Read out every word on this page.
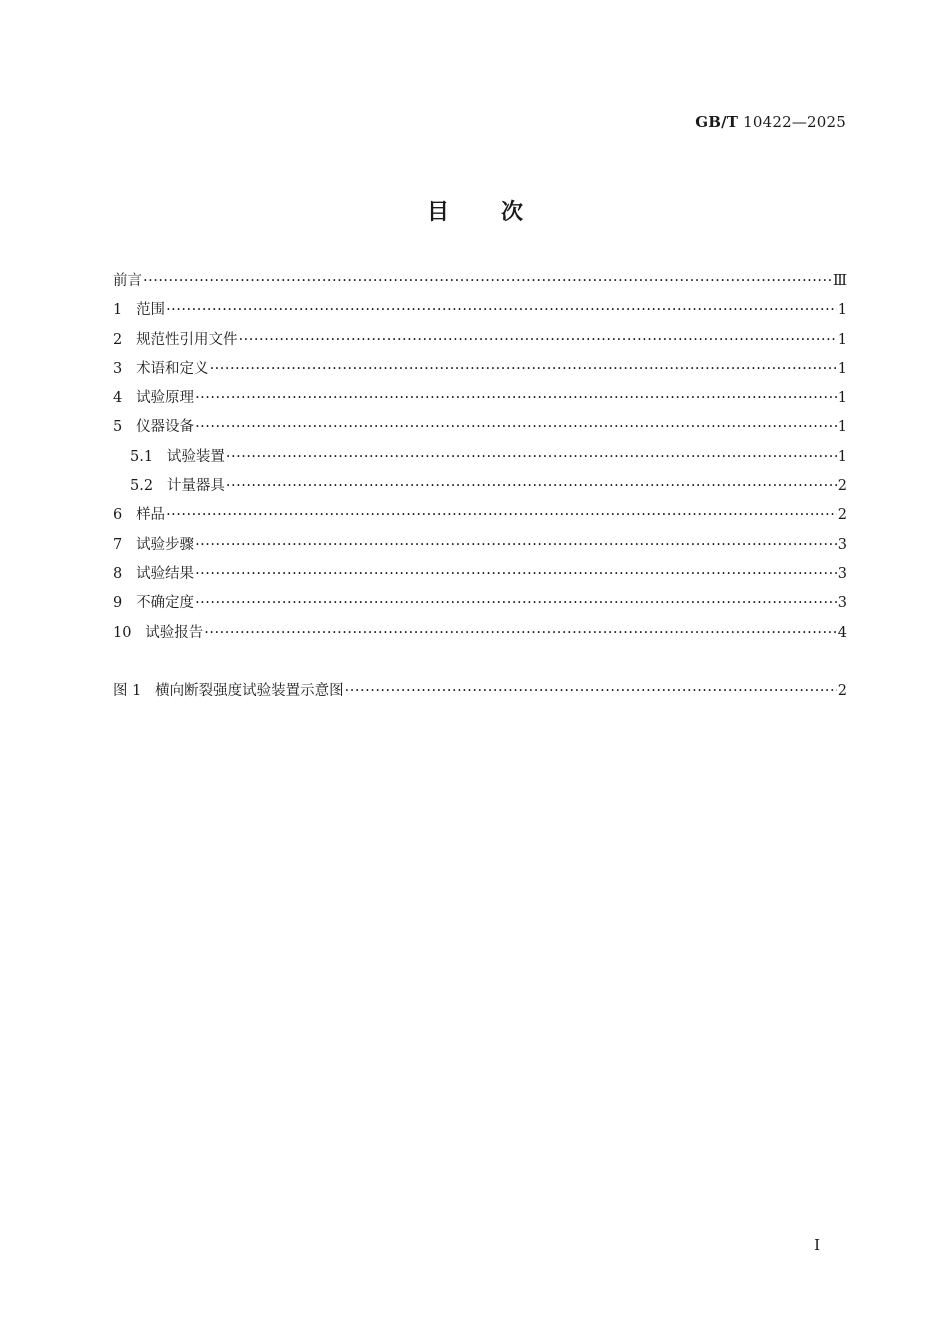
GB/T 10422—2025
目次
前言 ·····	Ⅲ
1 范围 ·····	1
2 规范性引用文件 ·····	1
3 术语和定义 ·····	1
4 试验原理 ·····	1
5 仪器设备 ·····	1
5.1 试验装置 ·····	1
5.2 计量器具 ·····	2
6 样品 ·····	2
7 试验步骤 ·····	3
8 试验结果 ·····	3
9 不确定度 ·····	3
10 试验报告 ·····	4
图 1 横向断裂强度试验装置示意图 ·····	2
Ⅰ
